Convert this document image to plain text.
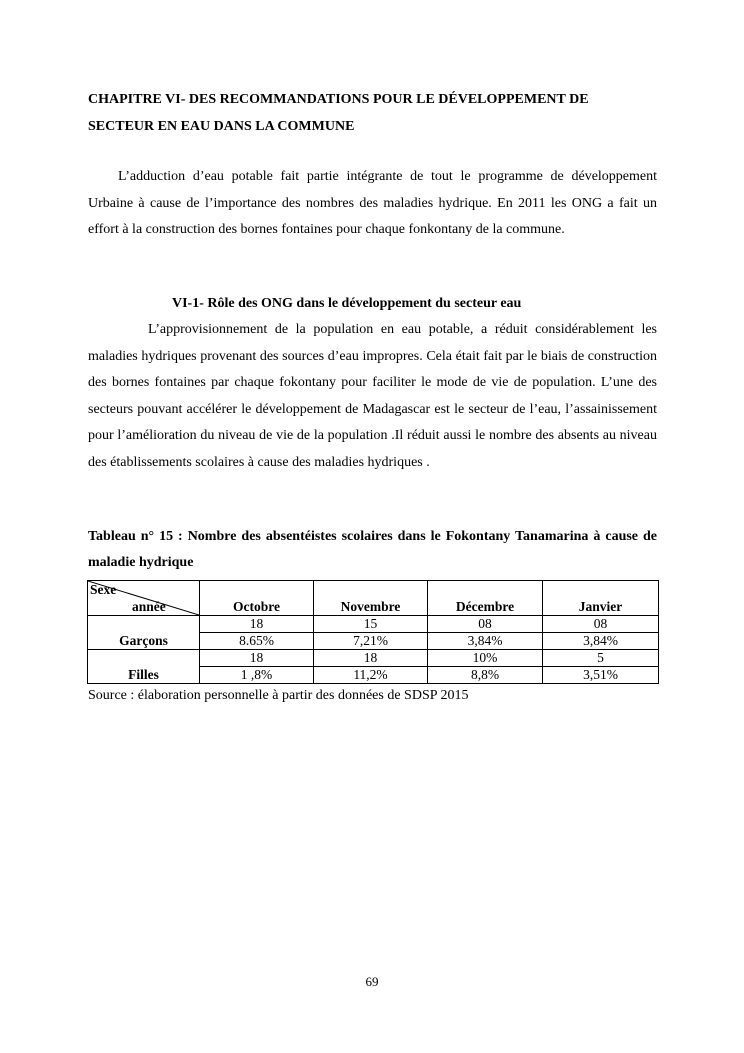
CHAPITRE VI- DES RECOMMANDATIONS POUR LE DÉVELOPPEMENT DE SECTEUR EN EAU DANS LA COMMUNE

L’adduction d’eau potable fait partie intégrante de tout le programme de développement Urbaine à cause de l’importance des nombres des maladies hydrique. En 2011 les ONG a fait un effort à la construction des bornes fontaines pour chaque fonkontany de la commune.

VI-1- Rôle des ONG dans le développement du secteur eau

L’approvisionnement de la population en eau potable, a réduit considérablement les maladies hydriques provenant des sources d’eau impropres. Cela était fait par le biais de construction des bornes fontaines par chaque fokontany pour faciliter le mode de vie de population. L’une des secteurs pouvant accélérer le développement de Madagascar est le secteur de l’eau, l’assainissement pour l’amélioration du niveau de vie de la population .Il réduit aussi le nombre des absents au niveau des établissements scolaires à cause des maladies hydriques .

Tableau n° 15 : Nombre des absentéistes scolaires dans le Fokontany Tanamarina à cause de maladie hydrique

Sexe
année	Octobre	Novembre	Décembre	Janvier
Garçons	18	15	08	08
	8.65%	7,21%	3,84%	3,84%
Filles	18	18	10%	5
	1 ,8%	11,2%	8,8%	3,51%

Source : élaboration personnelle à partir des données de SDSP 2015

69
